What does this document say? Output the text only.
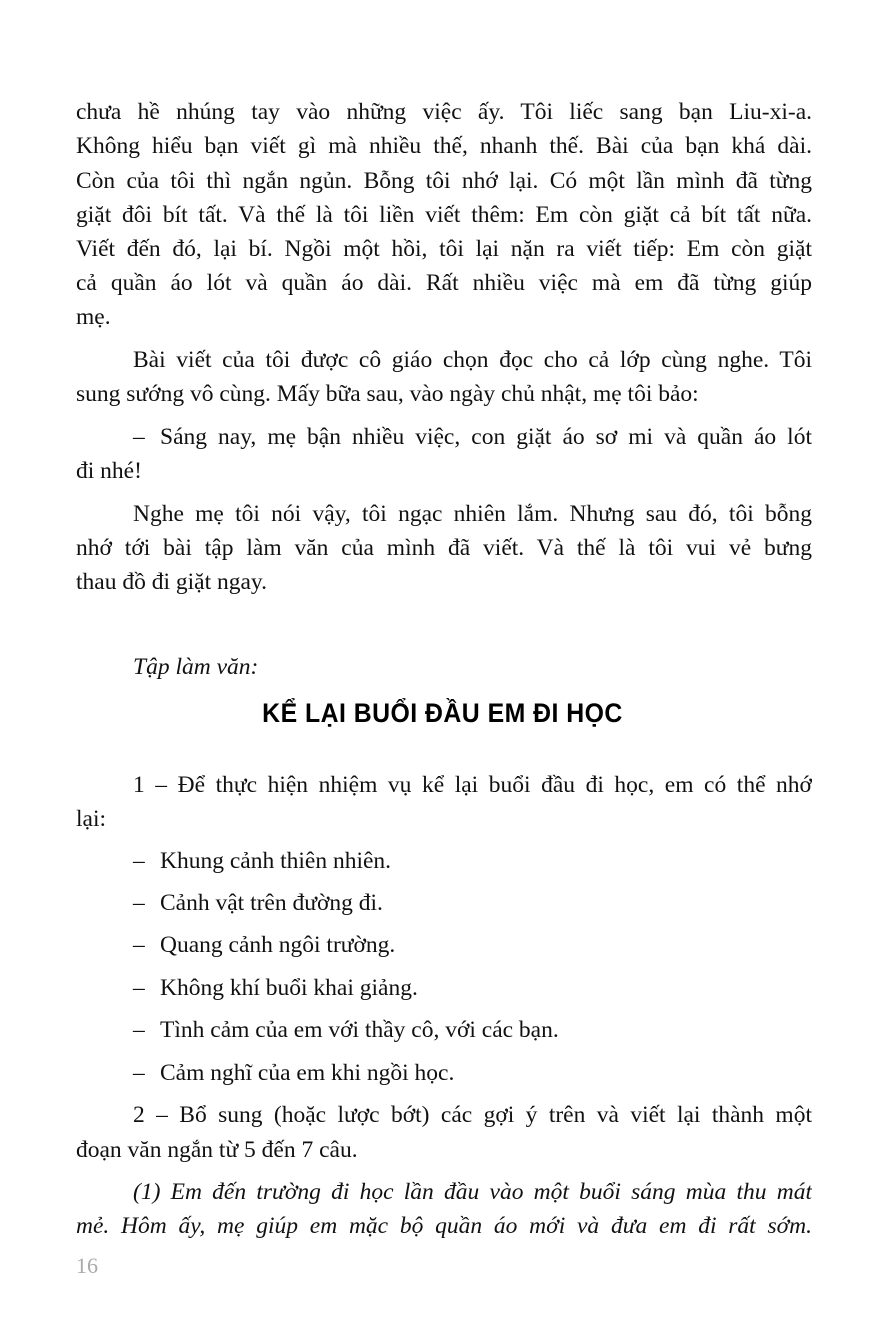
chưa hề nhúng tay vào những việc ấy. Tôi liếc sang bạn Liu-xi-a.
Không hiểu bạn viết gì mà nhiều thế, nhanh thế. Bài của bạn khá dài.
Còn của tôi thì ngắn ngủn. Bỗng tôi nhớ lại. Có một lần mình đã từng
giặt đôi bít tất. Và thế là tôi liền viết thêm: Em còn giặt cả bít tất nữa.
Viết đến đó, lại bí. Ngồi một hồi, tôi lại nặn ra viết tiếp: Em còn giặt
cả quần áo lót và quần áo dài. Rất nhiều việc mà em đã từng giúp
mẹ.
Bài viết của tôi được cô giáo chọn đọc cho cả lớp cùng nghe. Tôi
sung sướng vô cùng. Mấy bữa sau, vào ngày chủ nhật, mẹ tôi bảo:
– Sáng nay, mẹ bận nhiều việc, con giặt áo sơ mi và quần áo lót
đi nhé!
Nghe mẹ tôi nói vậy, tôi ngạc nhiên lắm. Nhưng sau đó, tôi bỗng
nhớ tới bài tập làm văn của mình đã viết. Và thế là tôi vui vẻ bưng
thau đồ đi giặt ngay.
Tập làm văn:
1 – Để thực hiện nhiệm vụ kể lại buổi đầu đi học, em có thể nhớ
lại:
– Khung cảnh thiên nhiên.
– Cảnh vật trên đường đi.
– Quang cảnh ngôi trường.
– Không khí buổi khai giảng.
– Tình cảm của em với thầy cô, với các bạn.
– Cảm nghĩ của em khi ngồi học.
2 – Bổ sung (hoặc lược bớt) các gợi ý trên và viết lại thành một
đoạn văn ngắn từ 5 đến 7 câu.
(1) Em đến trường đi học lần đầu vào một buổi sáng mùa thu mát
mẻ. Hôm ấy, mẹ giúp em mặc bộ quần áo mới và đưa em đi rất sớm.
KỂ LẠI BUỔI ĐẦU EM ĐI HỌC
16
